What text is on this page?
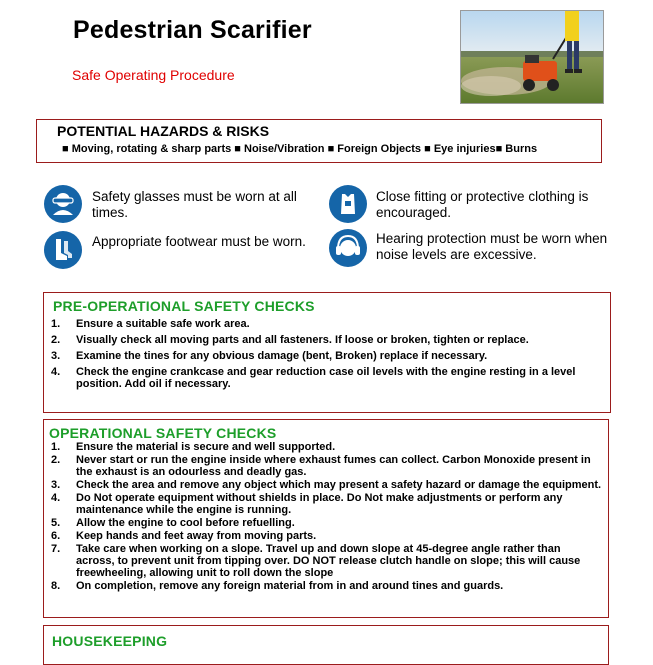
Pedestrian Scarifier
Safe Operating Procedure
POTENTIAL HAZARDS & RISKS
■ Moving, rotating & sharp parts ■ Noise/Vibration ■ Foreign Objects ■ Eye injuries■ Burns
Safety glasses must be worn at all times.
Close fitting or protective clothing is encouraged.
Appropriate footwear must be worn.	Hearing protection must be worn when noise levels are excessive.
PRE-OPERATIONAL SAFETY CHECKS
1. Ensure a suitable safe work area.
2. Visually check all moving parts and all fasteners. If loose or broken, tighten or replace.
3. Examine the tines for any obvious damage (bent, Broken) replace if necessary.
4. Check the engine crankcase and gear reduction case oil levels with the engine resting in a level position. Add oil if necessary.
OPERATIONAL SAFETY CHECKS
1. Ensure the material is secure and well supported.
2. Never start or run the engine inside where exhaust fumes can collect. Carbon Monoxide present in the exhaust is an odourless and deadly gas.
3. Check the area and remove any object which may present a safety hazard or damage the equipment.
4. Do Not operate equipment without shields in place. Do Not make adjustments or perform any maintenance while the engine is running.
5. Allow the engine to cool before refuelling.
6. Keep hands and feet away from moving parts.
7. Take care when working on a slope. Travel up and down slope at 45-degree angle rather than across, to prevent unit from tipping over. DO NOT release clutch handle on slope; this will cause freewheeling, allowing unit to roll down the slope
8. On completion, remove any foreign material from in and around tines and guards.
HOUSEKEEPING
